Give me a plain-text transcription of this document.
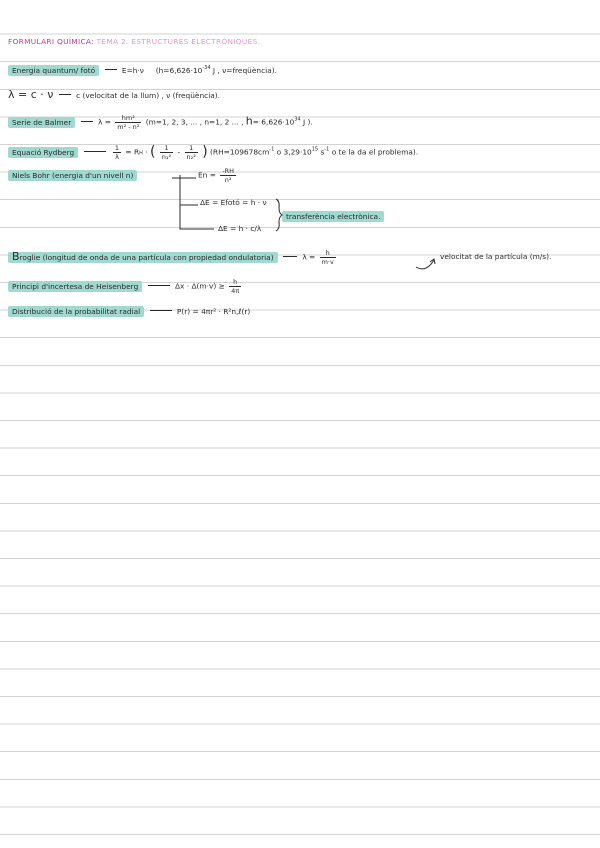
FORMULARI QUÍMICA: TEMA 2. ESTRUCTURES ELECTRÒNIQUES.
Energia quantum/ fotó	E=h·ν ($h=6,626\cdot 10^{-34}$ J , ν=freqüència).
λ = c · ν	c (velocitat de la llum) , ν (freqüència).
Serie de Balmer	$\lambda = \frac{\text{hm²}}{\text{m² - n²}} (m=1$, 2, 3, ... , n=1, 2 ... , $h= 6,626\cdot 10^{34}$ J ).
Equació Rydberg	$\frac{1}{\lambda}$ = RH · ( $\frac{1}{\text{n₁²}} - \frac{1}{\text{n₂²}}$ ) ($RH=109678cm^{-1}$ o $3,29\cdot 10^{15}$ $s^{-1}$ o te la da el problema).
Niels Bohr (energia d'un nivell n)	$En = \frac{-RH}{\text{n²}}$
ΔE = Efotó = h · ν
transferència electrònica.
ΔE = h · c/λ
Broglie (longitud de onda de una partícula con propiedad ondulatoria)	$\lambda = \frac{h}{m\cdot v}$	velocitat de la partícula (m/s).
Principi d'incertesa de Heisenberg	$\Delta x \cdot \Delta(m\cdot v) \ge \frac{h}{4\pi}$
Distribució de la probabilitat radial	P(r) = 4πr² · R²n,ℓ(r)
